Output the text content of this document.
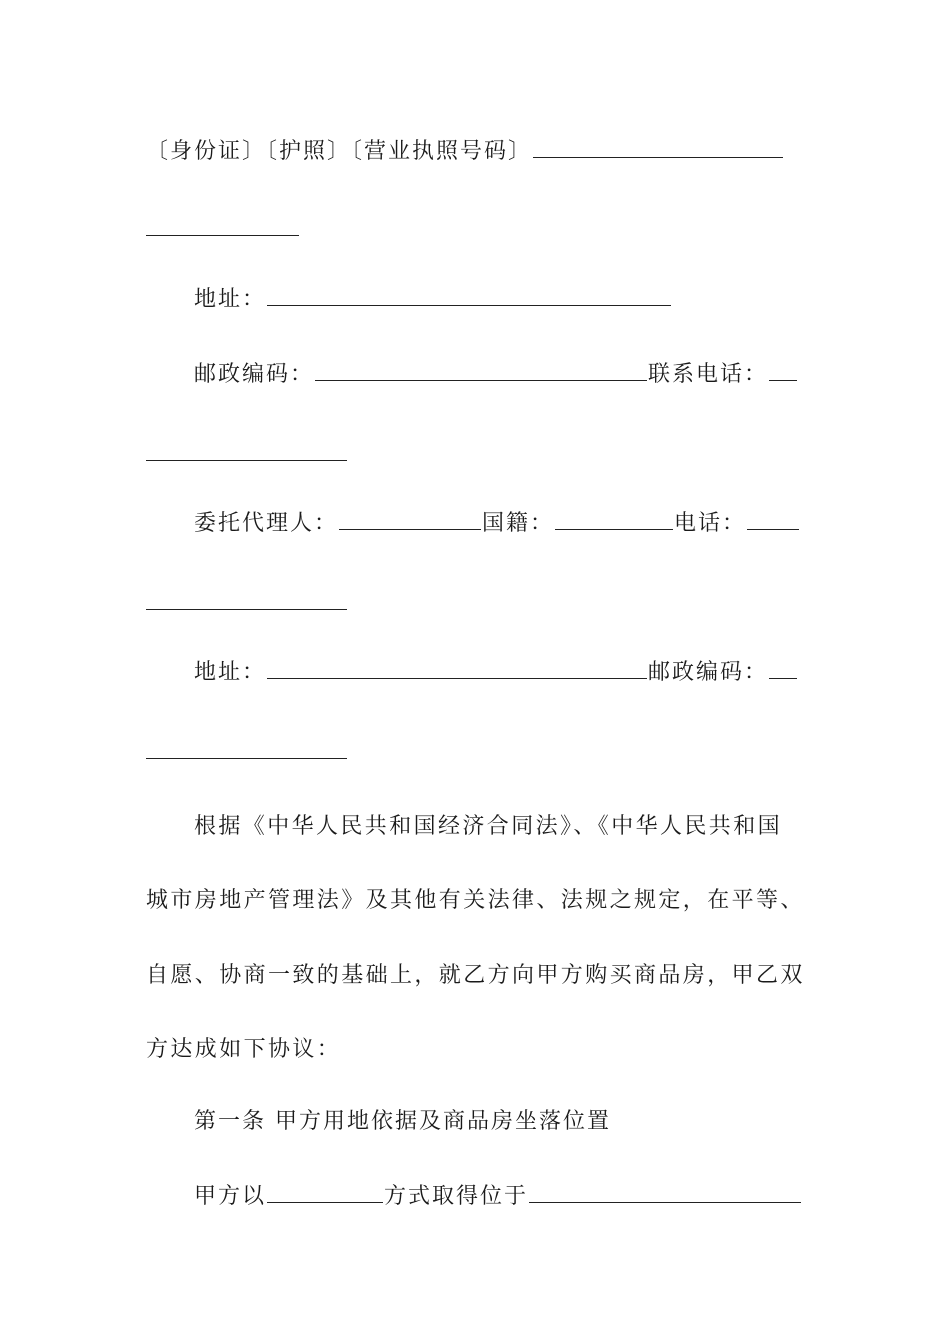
〔身份证〕〔护照〕〔营业执照号码〕
地址：
邮政编码：	联系电话：
委托代理人：	国籍：	电话：
地址：	邮政编码：
根据《中华人民共和国经济合同法》、《中华人民共和国
城市房地产管理法》及其他有关法律、法规之规定，在平等、
自愿、协商一致的基础上，就乙方向甲方购买商品房，甲乙双
方达成如下协议：
第一条 甲方用地依据及商品房坐落位置
甲方以	方式取得位于
